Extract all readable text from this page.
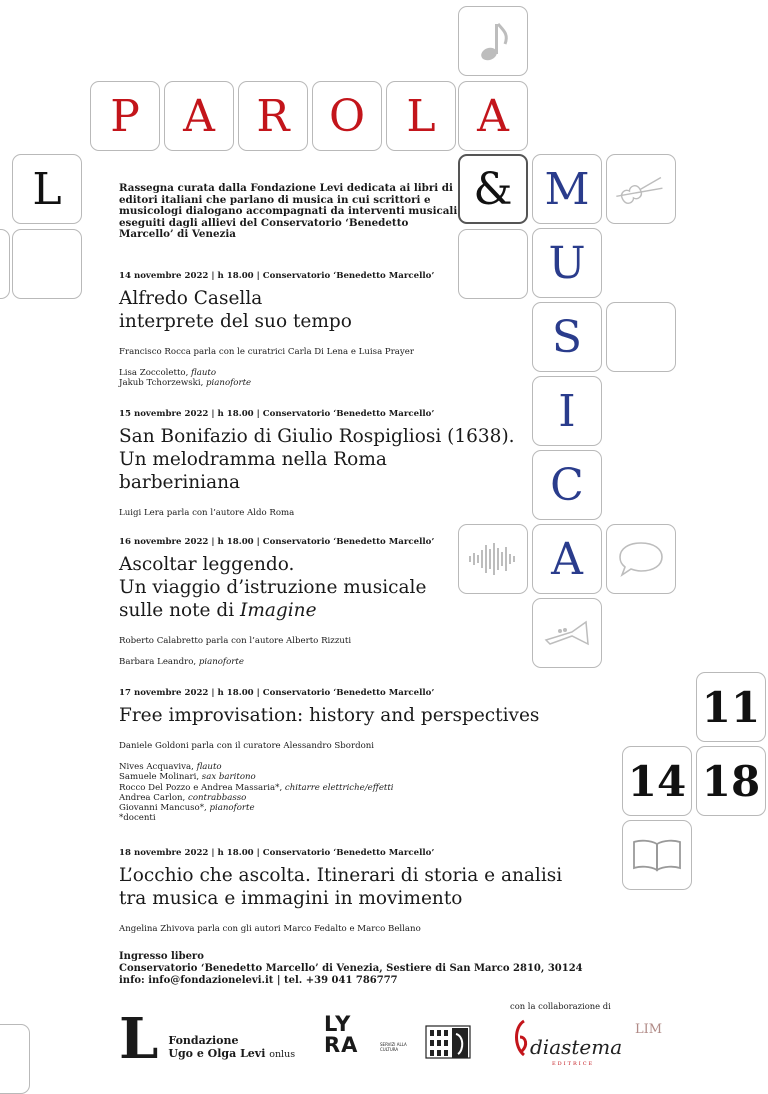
P A R O L A
L	& M
U
S
I
C
A
11
14 18
Rassegna curata dalla Fondazione Levi dedicata ai libri di editori italiani che parlano di musica in cui scrittori e musicologi dialogano accompagnati da interventi musicali eseguiti dagli allievi del Conservatorio ‘Benedetto Marcello’ di Venezia

14 novembre 2022 | h 18.00 | Conservatorio ‘Benedetto Marcello’

Alfredo Casella
interprete del suo tempo

Francisco Rocca parla con le curatrici Carla Di Lena e Luisa Prayer

Lisa Zoccoletto, flauto

Jakub Tchorzewski, pianoforte

15 novembre 2022 | h 18.00 | Conservatorio ‘Benedetto Marcello’

San Bonifazio di Giulio Rospigliosi (1638).
Un melodramma nella Roma
barberiniana

Luigi Lera parla con l’autore Aldo Roma

16 novembre 2022 | h 18.00 | Conservatorio ‘Benedetto Marcello’

Ascoltar leggendo.
Un viaggio d’istruzione musicale
sulle note di Imagine

Roberto Calabretto parla con l’autore Alberto Rizzuti

Barbara Leandro, pianoforte

17 novembre 2022 | h 18.00 | Conservatorio ‘Benedetto Marcello’

Free improvisation: history and perspectives

Daniele Goldoni parla con il curatore Alessandro Sbordoni

Nives Acquaviva, flauto

Samuele Molinari, sax baritono

Rocco Del Pozzo e Andrea Massaria*, chitarre elettriche/effetti

Andrea Carlon, contrabbasso

Giovanni Mancuso*, pianoforte

*docenti

18 novembre 2022 | h 18.00 | Conservatorio ‘Benedetto Marcello’

L’occhio che ascolta. Itinerari di storia e analisi
tra musica e immagini in movimento

Angelina Zhivova parla con gli autori Marco Fedalto e Marco Bellano

Ingresso libero
Conservatorio ‘Benedetto Marcello’ di Venezia, Sestiere di San Marco 2810, 30124
info: info@fondazionelevi.it | tel. +39 041 786777
con la collaborazione di
L Fondazione
Ugo e Olga Levi onlus
LY
RA	SERVIZI ALLA CULTURA	diastema
EDITRICE
LIM
